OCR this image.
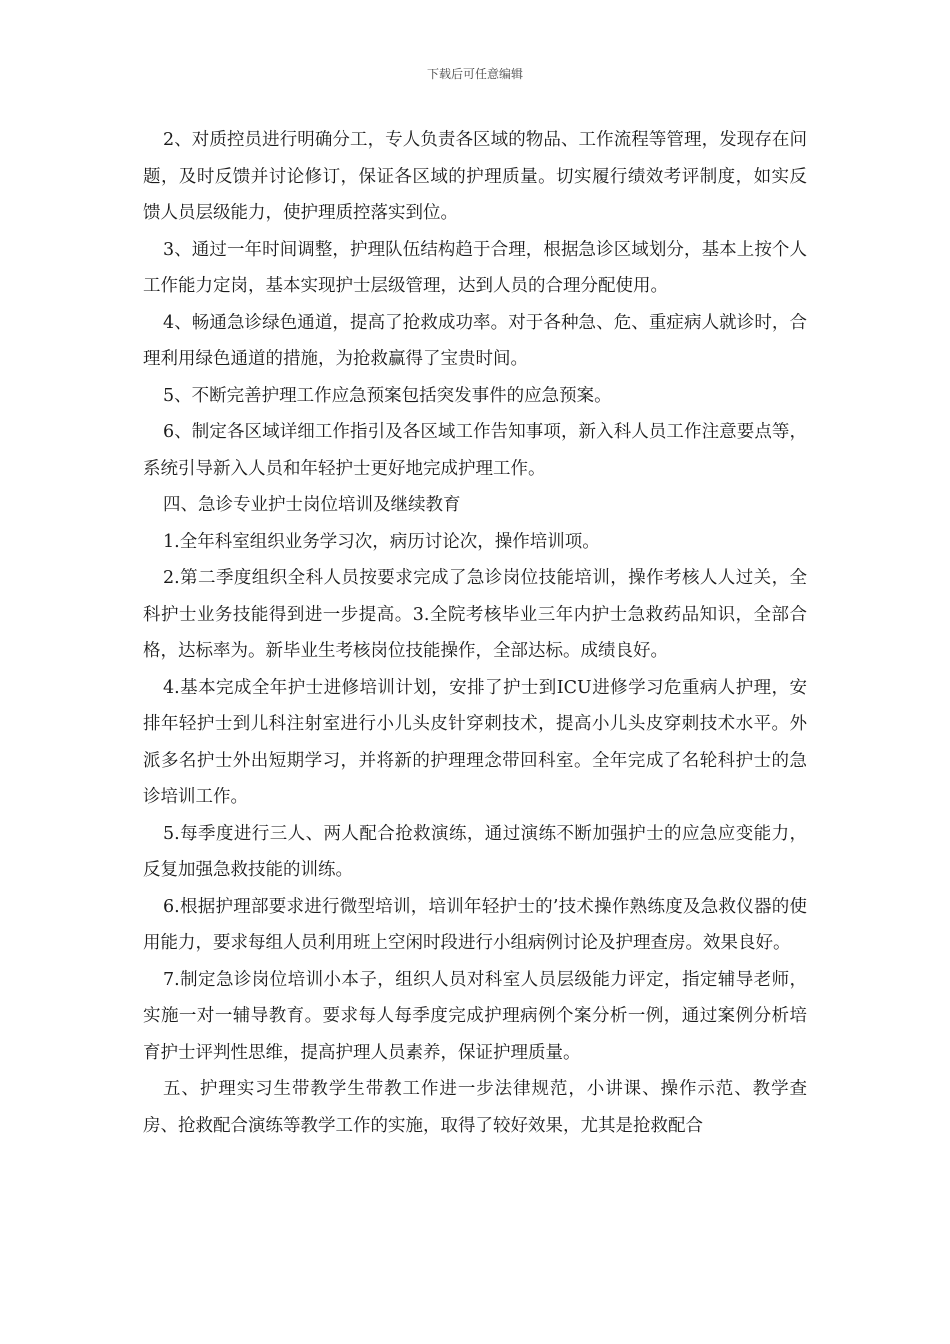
下载后可任意编辑

2、对质控员进行明确分工，专人负责各区域的物品、工作流程等管理，发现存在问题，及时反馈并讨论修订，保证各区域的护理质量。切实履行绩效考评制度，如实反馈人员层级能力，使护理质控落实到位。

3、通过一年时间调整，护理队伍结构趋于合理，根据急诊区域划分，基本上按个人工作能力定岗，基本实现护士层级管理，达到人员的合理分配使用。

4、畅通急诊绿色通道，提高了抢救成功率。对于各种急、危、重症病人就诊时，合理利用绿色通道的措施，为抢救赢得了宝贵时间。

5、不断完善护理工作应急预案包括突发事件的应急预案。

6、制定各区域详细工作指引及各区域工作告知事项，新入科人员工作注意要点等，系统引导新入人员和年轻护士更好地完成护理工作。

四、急诊专业护士岗位培训及继续教育

1.全年科室组织业务学习次，病历讨论次，操作培训项。

2.第二季度组织全科人员按要求完成了急诊岗位技能培训，操作考核人人过关，全科护士业务技能得到进一步提高。3.全院考核毕业三年内护士急救药品知识，全部合格，达标率为。新毕业生考核岗位技能操作，全部达标。成绩良好。

4.基本完成全年护士进修培训计划，安排了护士到ICU进修学习危重病人护理，安排年轻护士到儿科注射室进行小儿头皮针穿刺技术，提高小儿头皮穿刺技术水平。外派多名护士外出短期学习，并将新的护理理念带回科室。全年完成了名轮科护士的急诊培训工作。

5.每季度进行三人、两人配合抢救演练，通过演练不断加强护士的应急应变能力，反复加强急救技能的训练。

6.根据护理部要求进行微型培训，培训年轻护士的’技术操作熟练度及急救仪器的使用能力，要求每组人员利用班上空闲时段进行小组病例讨论及护理查房。效果良好。

7.制定急诊岗位培训小本子，组织人员对科室人员层级能力评定，指定辅导老师，实施一对一辅导教育。要求每人每季度完成护理病例个案分析一例，通过案例分析培育护士评判性思维，提高护理人员素养，保证护理质量。

五、护理实习生带教学生带教工作进一步法律规范，小讲课、操作示范、教学查房、抢救配合演练等教学工作的实施，取得了较好效果，尤其是抢救配合
